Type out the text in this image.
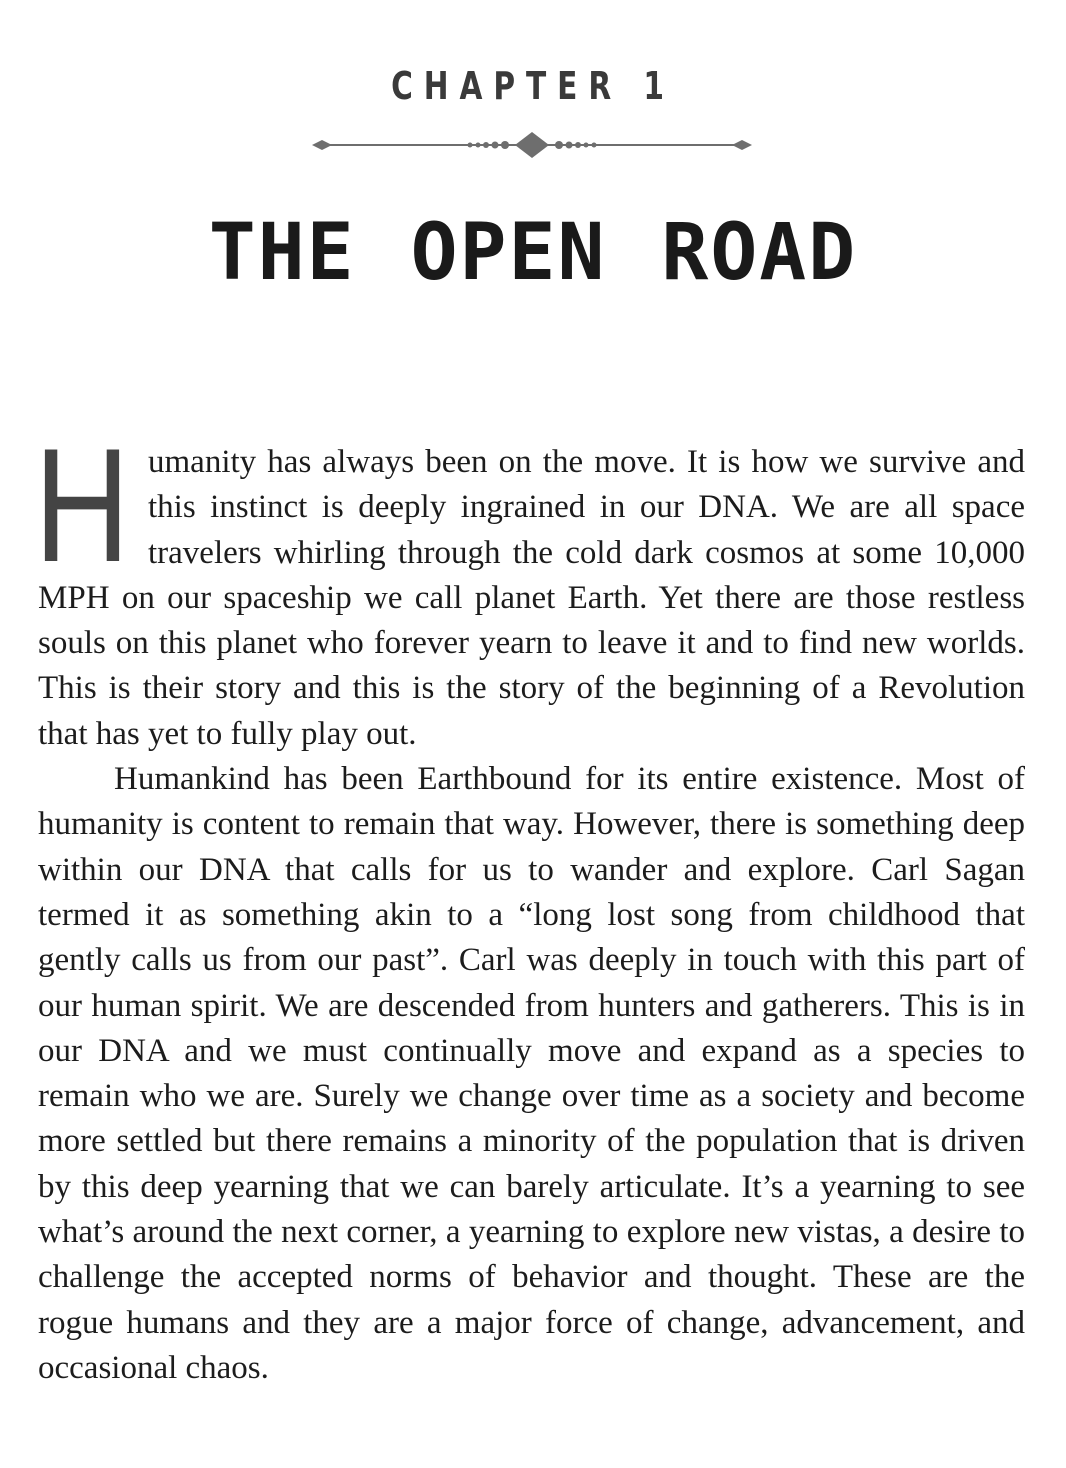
CHAPTER 1
THE OPEN ROAD

Humanity has always been on the move. It is how we survive and this instinct is deeply ingrained in our DNA. We are all space travelers whirling through the cold dark cosmos at some 10,000 MPH on our spaceship we call planet Earth. Yet there are those restless souls on this planet who forever yearn to leave it and to find new worlds. This is their story and this is the story of the beginning of a Revolution that has yet to fully play out.

Humankind has been Earthbound for its entire existence. Most of humanity is content to remain that way. However, there is something deep within our DNA that calls for us to wander and explore. Carl Sagan termed it as something akin to a “long lost song from childhood that gently calls us from our past”. Carl was deeply in touch with this part of our human spirit. We are descended from hunters and gatherers. This is in our DNA and we must continually move and expand as a species to remain who we are. Surely we change over time as a society and become more settled but there remains a minority of the population that is driven by this deep yearning that we can barely articulate. It’s a yearning to see what’s around the next corner, a yearning to explore new vistas, a desire to challenge the accepted norms of behavior and thought. These are the rogue humans and they are a major force of change, advancement, and occasional chaos.
